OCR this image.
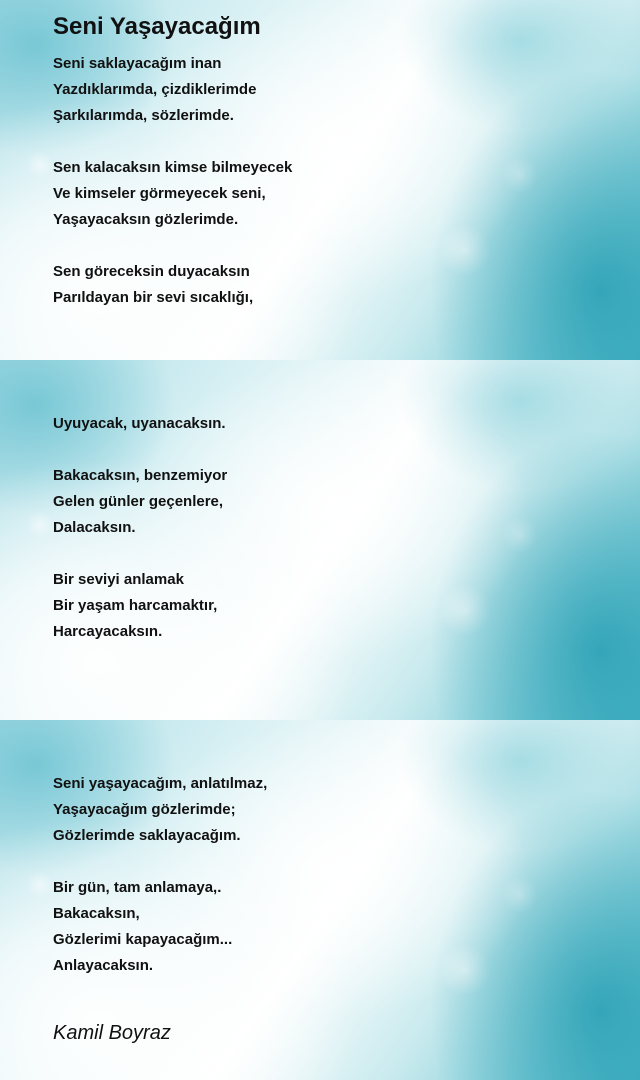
Seni Yaşayacağım

Seni saklayacağım inan
Yazdıklarımda, çizdiklerimde
Şarkılarımda, sözlerimde.

Sen kalacaksın kimse bilmeyecek
Ve kimseler görmeyecek seni,
Yaşayacaksın gözlerimde.

Sen göreceksin duyacaksın
Parıldayan bir sevi sıcaklığı,

Uyuyacak, uyanacaksın.

Bakacaksın, benzemiyor
Gelen günler geçenlere,
Dalacaksın.

Bir seviyi anlamak
Bir yaşam harcamaktır,
Harcayacaksın.

Seni yaşayacağım, anlatılmaz,
Yaşayacağım gözlerimde;
Gözlerimde saklayacağım.

Bir gün, tam anlamaya,.
Bakacaksın,
Gözlerimi kapayacağım...
Anlayacaksın.

Kamil Boyraz
